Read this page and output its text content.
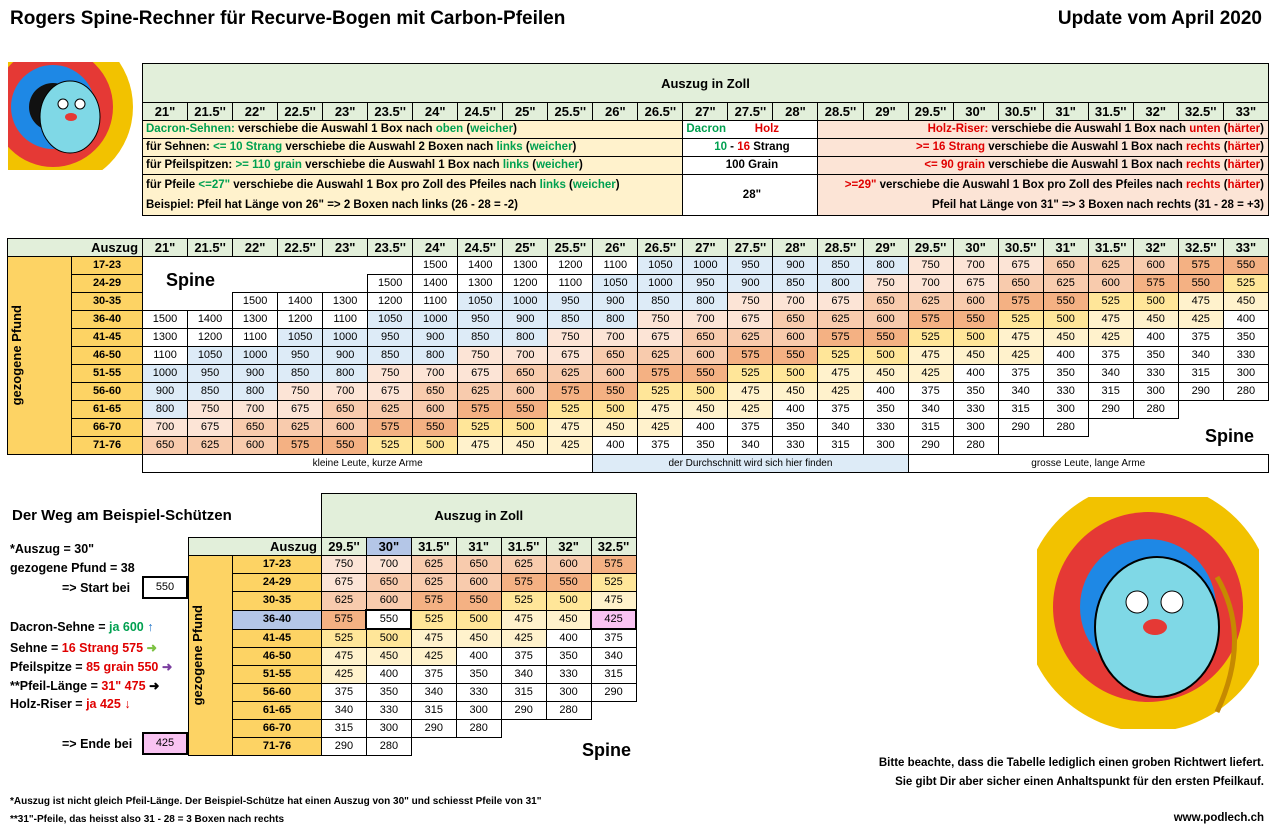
Rogers Spine-Rechner für Recurve-Bogen mit Carbon-Pfeilen	Update vom April 2020
Auszug in Zoll																								
21"	21.5''	22"	22.5''	23"	23.5''	24"	24.5''	25"	25.5''	26"	26.5''	27"	27.5''	28"	28.5''	29"	29.5''	30"	30.5''	31"	31.5''	32"	32.5''	33"
Dacron-Sehnen: verschiebe die Auswahl 1 Box nach oben (weicher)												Dacron Holz			Holz-Riser: verschiebe die Auswahl 1 Box nach unten (härter)									
für Sehnen: <= 10 Strang verschiebe die Auswahl 2 Boxen nach links (weicher)												10 - 16 Strang			>= 16 Strang verschiebe die Auswahl 1 Box nach rechts (härter)									
für Pfeilspitzen: >= 110 grain verschiebe die Auswahl 1 Box nach links (weicher)												100 Grain			<= 90 grain verschiebe die Auswahl 1 Box nach rechts (härter)									
für Pfeile <=27" verschiebe die Auswahl 1 Box pro Zoll des Pfeiles nach links (weicher)
Beispiel: Pfeil hat Länge von 26" => 2 Boxen nach links (26 - 28 = -2)												28"			>=29" verschiebe die Auswahl 1 Box pro Zoll des Pfeiles nach rechts (härter)
Pfeil hat Länge von 31" => 3 Boxen nach rechts (31 - 28 = +3)									
Auszug		21"	21.5''	22"	22.5''	23"	23.5''	24"	24.5''	25"	25.5''	26"	26.5''	27"	27.5''	28"	28.5''	29"	29.5''	30"	30.5''	31"	31.5''	32"	32.5''	33"

gezogene Pfund	17-23							1500	1400	1300	1200	1100	1050	1000	950	900	850	800	750	700	675	650	625	600	575	550
	24-29						1500	1400	1300	1200	1100	1050	1000	950	900	850	800	750	700	675	650	625	600	575	550	525
	30-35			1500	1400	1300	1200	1100	1050	1000	950	900	850	800	750	700	675	650	625	600	575	550	525	500	475	450
	36-40	1500	1400	1300	1200	1100	1050	1000	950	900	850	800	750	700	675	650	625	600	575	550	525	500	475	450	425	400
	41-45	1300	1200	1100	1050	1000	950	900	850	800	750	700	675	650	625	600	575	550	525	500	475	450	425	400	375	350
	46-50	1100	1050	1000	950	900	850	800	750	700	675	650	625	600	575	550	525	500	475	450	425	400	375	350	340	330
	51-55	1000	950	900	850	800	750	700	675	650	625	600	575	550	525	500	475	450	425	400	375	350	340	330	315	300
	56-60	900	850	800	750	700	675	650	625	600	575	550	525	500	475	450	425	400	375	350	340	330	315	300	290	280
	61-65	800	750	700	675	650	625	600	575	550	525	500	475	450	425	400	375	350	340	330	315	300	290	280		
	66-70	700	675	650	625	600	575	550	525	500	475	450	425	400	375	350	340	330	315	300	290	280				
	71-76	650	625	600	575	550	525	500	475	450	425	400	375	350	340	330	315	300	290	280						
		kleine Leute, kurze Arme										der Durchschnitt wird sich hier finden							grosse Leute, lange Arme							
Spine
Spine
Der Weg am Beispiel-Schützen
*Auszug = 30"
gezogene Pfund = 38
=> Start bei	550
Dacron-Sehne = ja 600 ↑
Sehne = 16 Strang 575 ➜
Pfeilspitze = 85 grain 550 ➜
**Pfeil-Länge = 31" 475 ➜
Holz-Riser = ja 425 ↓
=> Ende bei	425
		Auszug in Zoll						
Auszug		29.5''	30"	31.5"	31"	31.5''	32"	32.5''

gezogene Pfund	17-23	750	700	625	650	625	600	575
	24-29	675	650	625	600	575	550	525
	30-35	625	600	575	550	525	500	475
	36-40	575	550	525	500	475	450	425
	41-45	525	500	475	450	425	400	375
	46-50	475	450	425	400	375	350	340
	51-55	425	400	375	350	340	330	315
	56-60	375	350	340	330	315	300	290
	61-65	340	330	315	300	290	280	
	66-70	315	300	290	280			
	71-76	290	280						Spine
Bitte beachte, dass die Tabelle lediglich einen groben Richtwert liefert.
Sie gibt Dir aber sicher einen Anhaltspunkt für den ersten Pfeilkauf.
*Auszug ist nicht gleich Pfeil-Länge. Der Beispiel-Schütze hat einen Auszug von 30" und schiesst Pfeile von 31"
**31"-Pfeile, das heisst also 31 - 28 = 3 Boxen nach rechts	www.podlech.ch
